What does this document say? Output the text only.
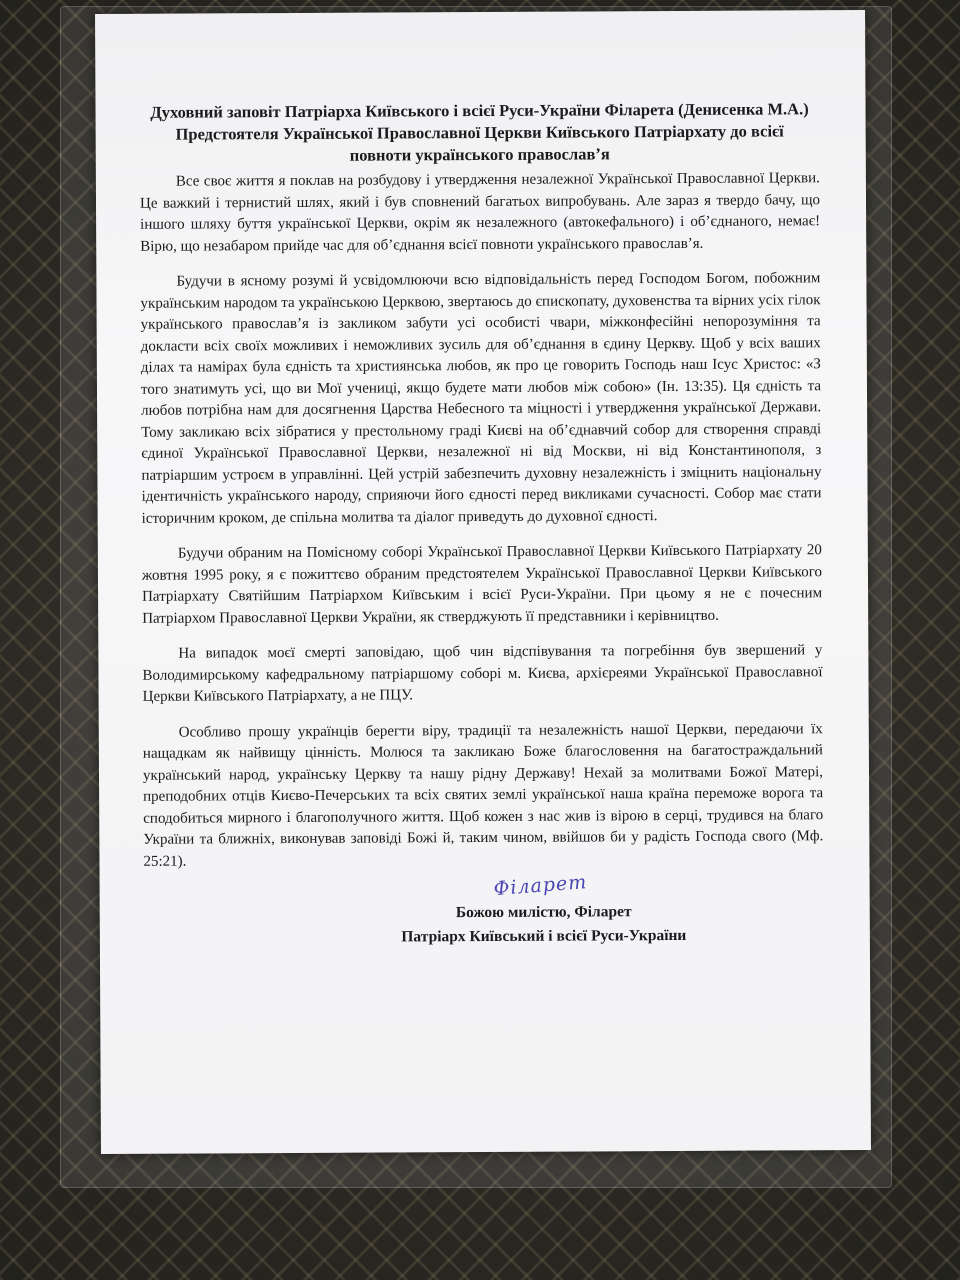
Духовний заповіт Патріарха Київського і всієї Руси-України Філарета (Денисенка М.А.) Предстоятеля Української Православної Церкви Київського Патріархату до всієї повноти українського православ’я

Все своє життя я поклав на розбудову і утвердження незалежної Української Православної Церкви. Це важкий і тернистий шлях, який і був сповнений багатьох випробувань. Але зараз я твердо бачу, що іншого шляху буття української Церкви, окрім як незалежного (автокефального) і об’єднаного, немає! Вірю, що незабаром прийде час для об’єднання всієї повноти українського православ’я.

Будучи в ясному розумі й усвідомлюючи всю відповідальність перед Господом Богом, побожним українським народом та українською Церквою, звертаюсь до єпископату, духовенства та вірних усіх гілок українського православ’я із закликом забути усі особисті чвари, міжконфесійні непорозуміння та докласти всіх своїх можливих і неможливих зусиль для об’єднання в єдину Церкву. Щоб у всіх ваших ділах та намірах була єдність та християнська любов, як про це говорить Господь наш Ісус Христос: «З того знатимуть усі, що ви Мої учениці, якщо будете мати любов між собою» (Ін. 13:35). Ця єдність та любов потрібна нам для досягнення Царства Небесного та міцності і утвердження української Держави. Тому закликаю всіх зібратися у престольному граді Києві на об’єднавчий собор для створення справді єдиної Української Православної Церкви, незалежної ні від Москви, ні від Константинополя, з патріаршим устроєм в управлінні. Цей устрій забезпечить духовну незалежність і зміцнить національну ідентичність українського народу, сприяючи його єдності перед викликами сучасності. Собор має стати історичним кроком, де спільна молитва та діалог приведуть до духовної єдності.

Будучи обраним на Помісному соборі Української Православної Церкви Київського Патріархату 20 жовтня 1995 року, я є пожиттєво обраним предстоятелем Української Православної Церкви Київського Патріархату Святійшим Патріархом Київським і всієї Руси-України. При цьому я не є почесним Патріархом Православної Церкви України, як стверджують її представники і керівництво.

На випадок моєї смерті заповідаю, щоб чин відспівування та погребіння був звершений у Володимирському кафедральному патріаршому соборі м. Києва, архієреями Української Православної Церкви Київського Патріархату, а не ПЦУ.

Особливо прошу українців берегти віру, традиції та незалежність нашої Церкви, передаючи їх нащадкам як найвищу цінність. Молюся та закликаю Боже благословення на багатостраждальний український народ, українську Церкву та нашу рідну Державу! Нехай за молитвами Божої Матері, преподобних отців Києво-Печерських та всіх святих землі української наша країна переможе ворога та сподобиться мирного і благополучного життя. Щоб кожен з нас жив із вірою в серці, трудився на благо України та ближніх, виконував заповіді Божі й, таким чином, ввійшов би у радість Господа свого (Мф. 25:21).

Філарет
Божою милістю, Філарет
Патріарх Київський і всієї Руси-України
